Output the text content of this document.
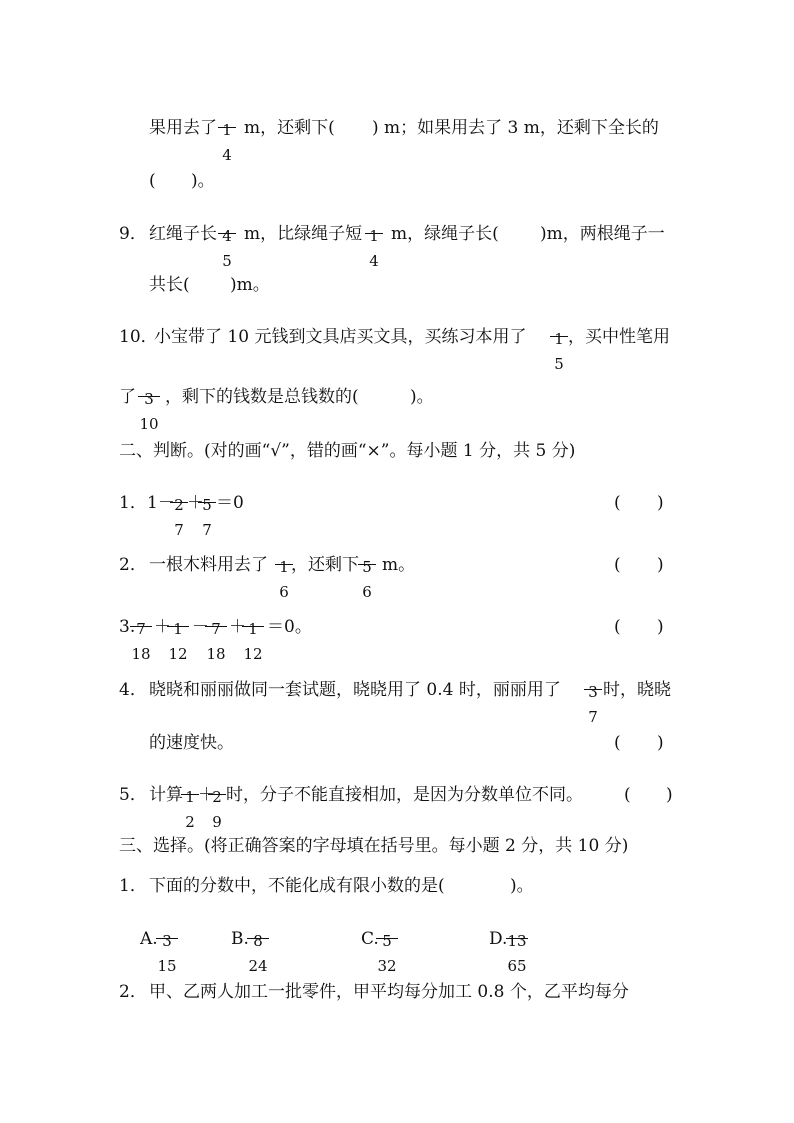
果用去了 1
4
m，还剩下( ) m；如果用去了 3 m，还剩下全长的
( )。
9． 红绳子长 4
5
m，比绿绳子短 1
4
m，绿绳子长( )m，两根绳子一
共长( )m。
10．
小宝带了 10 元钱到文具店买文具，买练习本用了	1
5
，买中性笔用
了 3
10
，剩下的钱数是总钱数的(	)。
二、判断。(对的画“√”，错的画“×”。每小题 1 分，共 5 分)
1． 1－ 2
7
＋
5
7
＝0	( )
2． 一根木料用去了 1
6
，还剩下 5
6
m。	( )
3. 7
18
＋ 1
12
－ 7
18
＋ 1
12
＝0。	( )
4． 晓晓和丽丽做同一套试题，晓晓用了 0.4 时，丽丽用了	3
7
时，晓晓
的速度快。	( )
5． 计算 1
2
＋
2
9
时，分子不能直接相加，是因为分数单位不同。 ( )
三、选择。(将正确答案的字母填在括号里。每小题 2 分，共 10 分)
1． 下面的分数中，不能化成有限小数的是(	)。
A. 3
15
B. 8
24
C. 5
32
D. 13
65
2． 甲、乙两人加工一批零件，甲平均每分加工 0.8 个，乙平均每分
